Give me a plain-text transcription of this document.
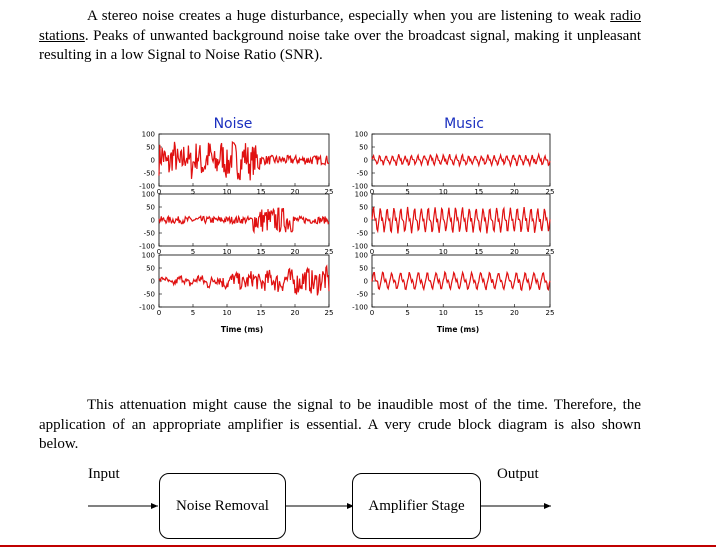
A stereo noise creates a huge disturbance, especially when you are listening to weak radio stations. Peaks of unwanted background noise take over the broadcast signal, making it unpleasant resulting in a low Signal to Noise Ratio (SNR).

Noise	Music
Time (ms)	Time (ms)
100
50
0
-50
-100
0	5	10	15	20	25
100
50
0
-50
-100
0	5	10	15	20	25
100
50
0
-50
-100
0	5	10	15	20	25
100
50
0
-50
-100
0	5	10	15	20	25
100
50
0
-50
-100
0	5	10	15	20	25
100
50
0
-50
-100
0	5	10	15	20	25

This attenuation might cause the signal to be inaudible most of the time. Therefore, the application of an appropriate amplifier is essential. A very crude block diagram is also shown below.

Input	Output
Noise Removal	Amplifier Stage
